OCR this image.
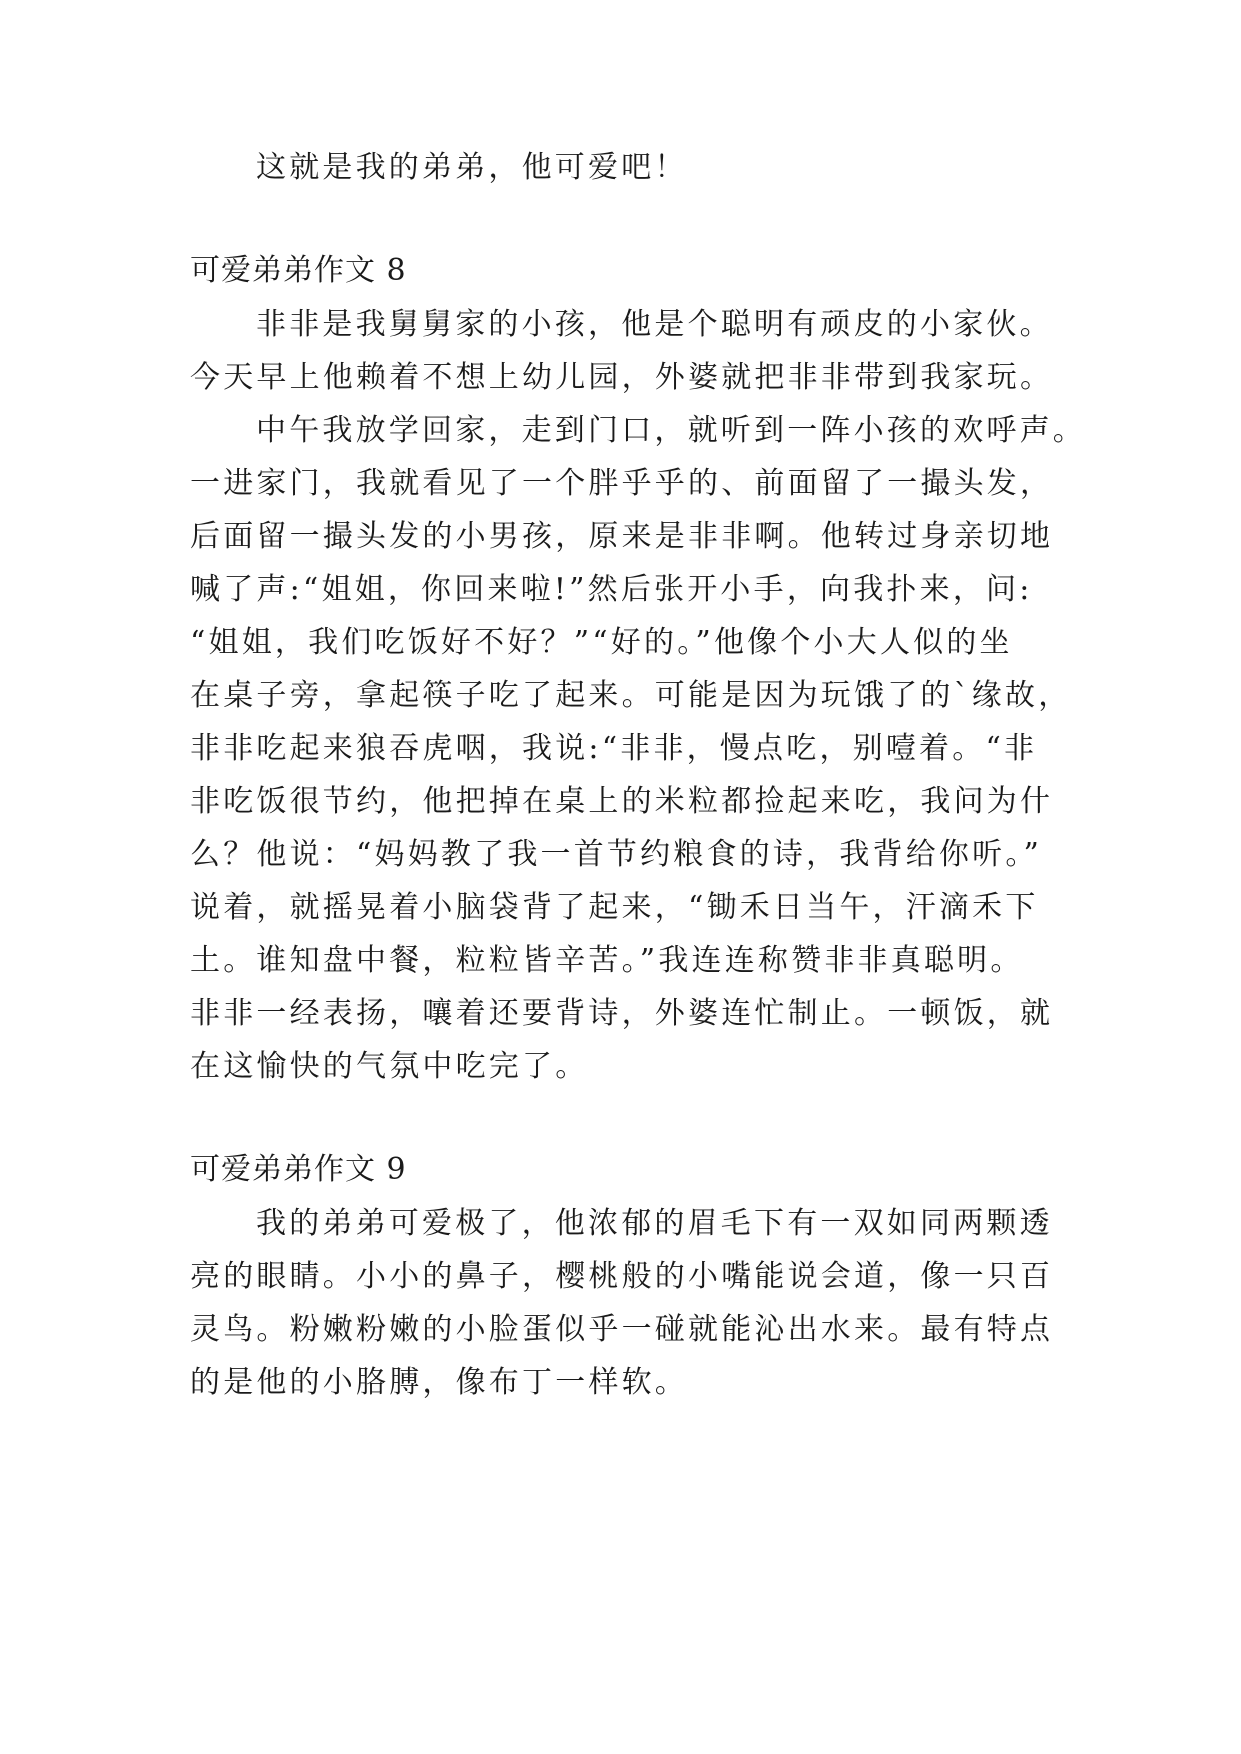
这就是我的弟弟，他可爱吧！
可爱弟弟作文 8
非非是我舅舅家的小孩，他是个聪明有顽皮的小家伙。
今天早上他赖着不想上幼儿园，外婆就把非非带到我家玩。
中午我放学回家，走到门口，就听到一阵小孩的欢呼声。
一进家门，我就看见了一个胖乎乎的、前面留了一撮头发，
后面留一撮头发的小男孩，原来是非非啊。他转过身亲切地
喊了声:“姐姐，你回来啦!”然后张开小手，向我扑来，问:
“姐姐，我们吃饭好不好？”“好的。”他像个小大人似的坐
在桌子旁，拿起筷子吃了起来。可能是因为玩饿了的`缘故，
非非吃起来狼吞虎咽，我说:“非非，慢点吃，别噎着。“非
非吃饭很节约，他把掉在桌上的米粒都捡起来吃，我问为什
么？他说：“妈妈教了我一首节约粮食的诗，我背给你听。”
说着，就摇晃着小脑袋背了起来，“锄禾日当午，汗滴禾下
土。谁知盘中餐，粒粒皆辛苦。”我连连称赞非非真聪明。
非非一经表扬，嚷着还要背诗，外婆连忙制止。一顿饭，就
在这愉快的气氛中吃完了。
可爱弟弟作文 9
我的弟弟可爱极了，他浓郁的眉毛下有一双如同两颗透
亮的眼睛。小小的鼻子，樱桃般的小嘴能说会道，像一只百
灵鸟。粉嫩粉嫩的小脸蛋似乎一碰就能沁出水来。最有特点
的是他的小胳膊，像布丁一样软。
